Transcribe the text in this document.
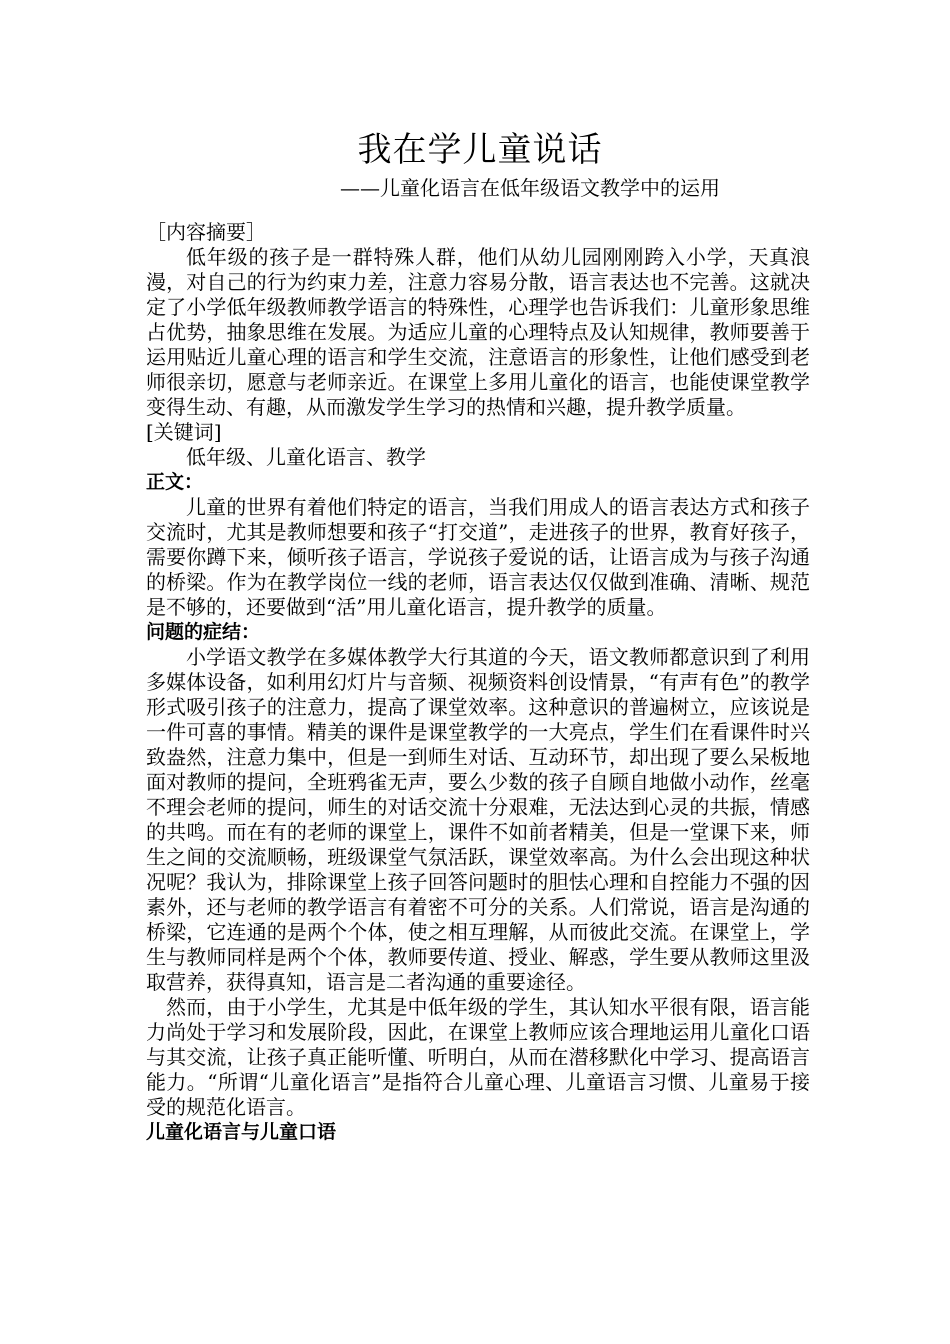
我在学儿童说话
——儿童化语言在低年级语文教学中的运用

［内容摘要］

低年级的孩子是一群特殊人群，他们从幼儿园刚刚跨入小学，天真浪漫，对自己的行为约束力差，注意力容易分散，语言表达也不完善。这就决定了小学低年级教师教学语言的特殊性，心理学也告诉我们：儿童形象思维占优势，抽象思维在发展。为适应儿童的心理特点及认知规律，教师要善于运用贴近儿童心理的语言和学生交流，注意语言的形象性，让他们感受到老师很亲切，愿意与老师亲近。在课堂上多用儿童化的语言，也能使课堂教学变得生动、有趣，从而激发学生学习的热情和兴趣，提升教学质量。

[关键词]

低年级、儿童化语言、教学

正文：

儿童的世界有着他们特定的语言，当我们用成人的语言表达方式和孩子交流时，尤其是教师想要和孩子“打交道”，走进孩子的世界，教育好孩子，需要你蹲下来，倾听孩子语言，学说孩子爱说的话，让语言成为与孩子沟通的桥梁。作为在教学岗位一线的老师，语言表达仅仅做到准确、清晰、规范是不够的，还要做到“活”用儿童化语言，提升教学的质量。

问题的症结：

小学语文教学在多媒体教学大行其道的今天，语文教师都意识到了利用多媒体设备，如利用幻灯片与音频、视频资料创设情景，“有声有色”的教学形式吸引孩子的注意力，提高了课堂效率。这种意识的普遍树立，应该说是一件可喜的事情。精美的课件是课堂教学的一大亮点，学生们在看课件时兴致盎然，注意力集中，但是一到师生对话、互动环节，却出现了要么呆板地面对教师的提问，全班鸦雀无声，要么少数的孩子自顾自地做小动作，丝毫不理会老师的提问，师生的对话交流十分艰难，无法达到心灵的共振，情感的共鸣。而在有的老师的课堂上，课件不如前者精美，但是一堂课下来，师生之间的交流顺畅，班级课堂气氛活跃，课堂效率高。为什么会出现这种状况呢？我认为，排除课堂上孩子回答问题时的胆怯心理和自控能力不强的因素外，还与老师的教学语言有着密不可分的关系。人们常说，语言是沟通的桥梁，它连通的是两个个体，使之相互理解，从而彼此交流。在课堂上，学生与教师同样是两个个体，教师要传道、授业、解惑，学生要从教师这里汲取营养，获得真知，语言是二者沟通的重要途径。

然而，由于小学生，尤其是中低年级的学生，其认知水平很有限，语言能力尚处于学习和发展阶段，因此，在课堂上教师应该合理地运用儿童化口语与其交流，让孩子真正能听懂、听明白，从而在潜移默化中学习、提高语言能力。“所谓“儿童化语言”是指符合儿童心理、儿童语言习惯、儿童易于接受的规范化语言。

儿童化语言与儿童口语
